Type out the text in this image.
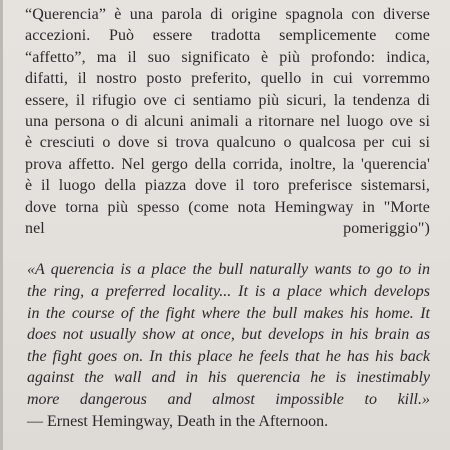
“Querencia” è una parola di origine spagnola con diverse
accezioni. Può essere tradotta semplicemente come
“affetto”, ma il suo significato è più profondo: indica,
difatti, il nostro posto preferito, quello in cui vorremmo
essere, il rifugio ove ci sentiamo più sicuri, la tendenza di
una persona o di alcuni animali a ritornare nel luogo ove si
è cresciuti o dove si trova qualcuno o qualcosa per cui si
prova affetto. Nel gergo della corrida, inoltre, la 'querencia'
è il luogo della piazza dove il toro preferisce sistemarsi,
dove torna più spesso (come nota Hemingway in "Morte
nel pomeriggio")

«A querencia is a place the bull naturally wants to go to in
the ring, a preferred locality... It is a place which develops
in the course of the fight where the bull makes his home. It
does not usually show at once, but develops in his brain as
the fight goes on. In this place he feels that he has his back
against the wall and in his querencia he is inestimably
more dangerous and almost impossible to kill.»
— Ernest Hemingway, Death in the Afternoon.
